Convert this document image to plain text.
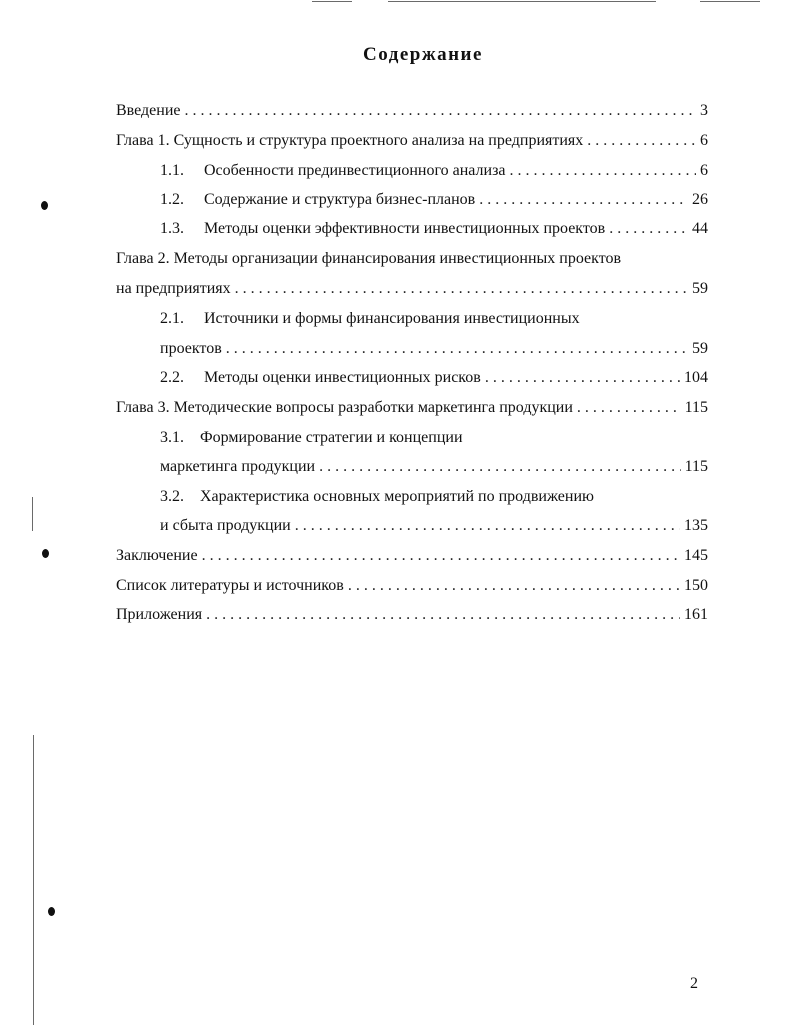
Содержание
Введение . . .	3
Глава 1. Сущность и структура проектного анализа на предприятиях . . .	6
1.1.	Особенности прединвестиционного анализа . . .	6
1.2.	Содержание и структура бизнес-планов . . .	26
1.3.	Методы оценки эффективности инвестиционных проектов . . .	44
Глава 2. Методы организации финансирования инвестиционных проектов
на предприятиях . . .	59
2.1. Источники и формы финансирования инвестиционных
проектов . . .	59
2.2.	Методы оценки инвестиционных рисков . . .	104
Глава 3. Методические вопросы разработки маркетинга продукции . . .	115
3.1. Формирование стратегии и концепции
маркетинга продукции . . .	115
3.2. Характеристика основных мероприятий по продвижению
и сбыта продукции . . .	135
Заключение . . .	145
Список литературы и источников . . .	150
Приложения . . .	161
2
